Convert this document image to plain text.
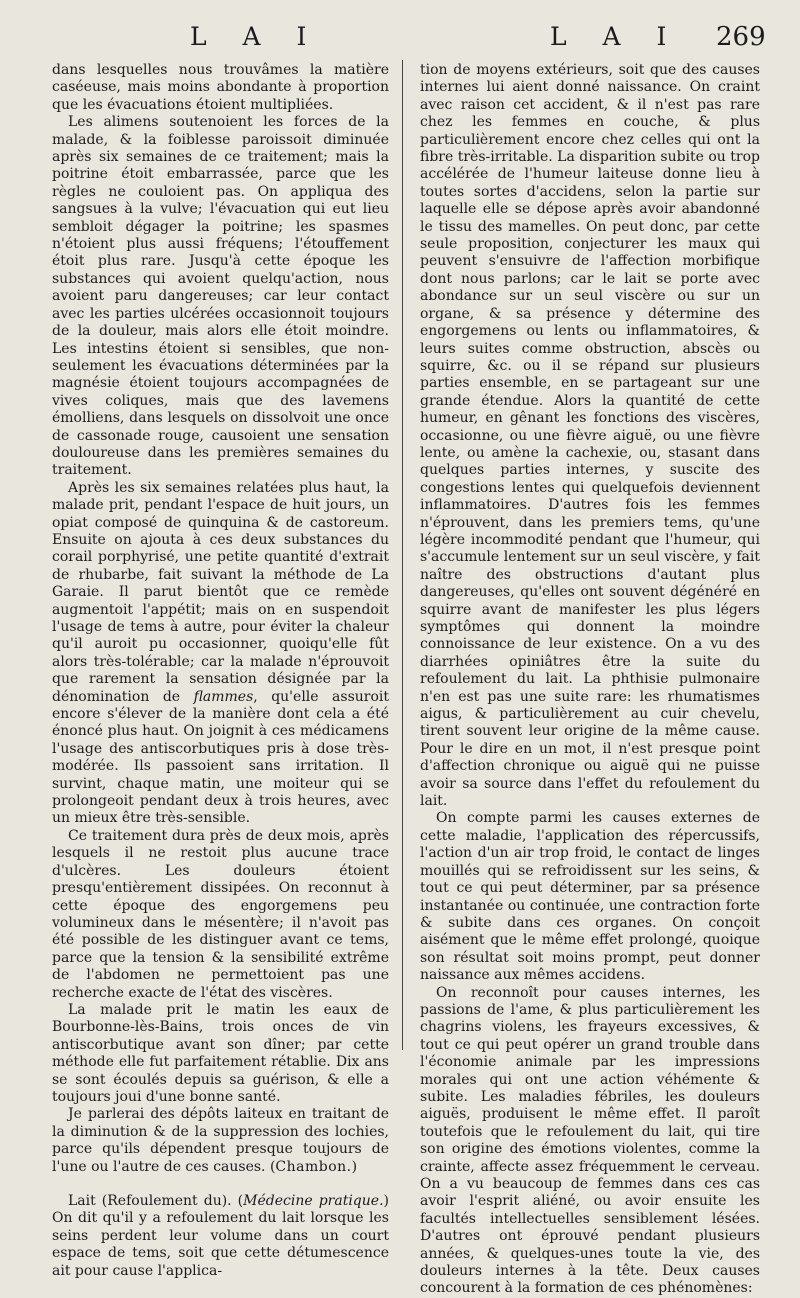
L A I	L A I 269

dans lesquelles nous trouvâmes la matière caséeuse, mais moins abondante à proportion que les évacuations étoient multipliées.

Les alimens soutenoient les forces de la malade, & la foiblesse paroissoit diminuée après six semaines de ce traitement; mais la poitrine étoit embarrassée, parce que les règles ne couloient pas. On appliqua des sangsues à la vulve; l'évacuation qui eut lieu sembloit dégager la poitrine; les spasmes n'étoient plus aussi fréquens; l'étouffement étoit plus rare. Jusqu'à cette époque les substances qui avoient quelqu'action, nous avoient paru dangereuses; car leur contact avec les parties ulcérées occasionnoit toujours de la douleur, mais alors elle étoit moindre. Les intestins étoient si sensibles, que non-seulement les évacuations déterminées par la magnésie étoient toujours accompagnées de vives coliques, mais que des lavemens émolliens, dans lesquels on dissolvoit une once de cassonade rouge, causoient une sensation douloureuse dans les premières semaines du traitement.

Après les six semaines relatées plus haut, la malade prit, pendant l'espace de huit jours, un opiat composé de quinquina & de castoreum. Ensuite on ajouta à ces deux substances du corail porphyrisé, une petite quantité d'extrait de rhubarbe, fait suivant la méthode de La Garaie. Il parut bientôt que ce remède augmentoit l'appétit; mais on en suspendoit l'usage de tems à autre, pour éviter la chaleur qu'il auroit pu occasionner, quoiqu'elle fût alors très-tolérable; car la malade n'éprouvoit que rarement la sensation désignée par la dénomination de flammes, qu'elle assuroit encore s'élever de la manière dont cela a été énoncé plus haut. On joignit à ces médicamens l'usage des antiscorbutiques pris à dose très-modérée. Ils passoient sans irritation. Il survint, chaque matin, une moiteur qui se prolongeoit pendant deux à trois heures, avec un mieux être très-sensible.

Ce traitement dura près de deux mois, après lesquels il ne restoit plus aucune trace d'ulcères. Les douleurs étoient presqu'entièrement dissipées. On reconnut à cette époque des engorgemens peu volumineux dans le mésentère; il n'avoit pas été possible de les distinguer avant ce tems, parce que la tension & la sensibilité extrême de l'abdomen ne permettoient pas une recherche exacte de l'état des viscères.

La malade prit le matin les eaux de Bourbonne-lès-Bains, trois onces de vin antiscorbutique avant son dîner; par cette méthode elle fut parfaitement rétablie. Dix ans se sont écoulés depuis sa guérison, & elle a toujours joui d'une bonne santé.

Je parlerai des dépôts laiteux en traitant de la diminution & de la suppression des lochies, parce qu'ils dépendent presque toujours de l'une ou l'autre de ces causes. (Chambon.)

Lait (Refoulement du). (Médecine pratique.) On dit qu'il y a refoulement du lait lorsque les seins perdent leur volume dans un court espace de tems, soit que cette détumescence ait pour cause l'applica-

tion de moyens extérieurs, soit que des causes internes lui aient donné naissance. On craint avec raison cet accident, & il n'est pas rare chez les femmes en couche, & plus particulièrement encore chez celles qui ont la fibre très-irritable. La disparition subite ou trop accélérée de l'humeur laiteuse donne lieu à toutes sortes d'accidens, selon la partie sur laquelle elle se dépose après avoir abandonné le tissu des mamelles. On peut donc, par cette seule proposition, conjecturer les maux qui peuvent s'ensuivre de l'affection morbifique dont nous parlons; car le lait se porte avec abondance sur un seul viscère ou sur un organe, & sa présence y détermine des engorgemens ou lents ou inflammatoires, & leurs suites comme obstruction, abscès ou squirre, &c. ou il se répand sur plusieurs parties ensemble, en se partageant sur une grande étendue. Alors la quantité de cette humeur, en gênant les fonctions des viscères, occasionne, ou une fièvre aiguë, ou une fièvre lente, ou amène la cachexie, ou, stasant dans quelques parties internes, y suscite des congestions lentes qui quelquefois deviennent inflammatoires. D'autres fois les femmes n'éprouvent, dans les premiers tems, qu'une légère incommodité pendant que l'humeur, qui s'accumule lentement sur un seul viscère, y fait naître des obstructions d'autant plus dangereuses, qu'elles ont souvent dégénéré en squirre avant de manifester les plus légers symptômes qui donnent la moindre connoissance de leur existence. On a vu des diarrhées opiniâtres être la suite du refoulement du lait. La phthisie pulmonaire n'en est pas une suite rare: les rhumatismes aigus, & particulièrement au cuir chevelu, tirent souvent leur origine de la même cause. Pour le dire en un mot, il n'est presque point d'affection chronique ou aiguë qui ne puisse avoir sa source dans l'effet du refoulement du lait.

On compte parmi les causes externes de cette maladie, l'application des répercussifs, l'action d'un air trop froid, le contact de linges mouillés qui se refroidissent sur les seins, & tout ce qui peut déterminer, par sa présence instantanée ou continuée, une contraction forte & subite dans ces organes. On conçoit aisément que le même effet prolongé, quoique son résultat soit moins prompt, peut donner naissance aux mêmes accidens.

On reconnoît pour causes internes, les passions de l'ame, & plus particulièrement les chagrins violens, les frayeurs excessives, & tout ce qui peut opérer un grand trouble dans l'économie animale par les impressions morales qui ont une action véhémente & subite. Les maladies fébriles, les douleurs aiguës, produisent le même effet. Il paroît toutefois que le refoulement du lait, qui tire son origine des émotions violentes, comme la crainte, affecte assez fréquemment le cerveau. On a vu beaucoup de femmes dans ces cas avoir l'esprit aliéné, ou avoir ensuite les facultés intellectuelles sensiblement lésées. D'autres ont éprouvé pendant plusieurs années, & quelques-unes toute la vie, des douleurs internes à la tête. Deux causes concourent à la formation de ces phénomènes:
